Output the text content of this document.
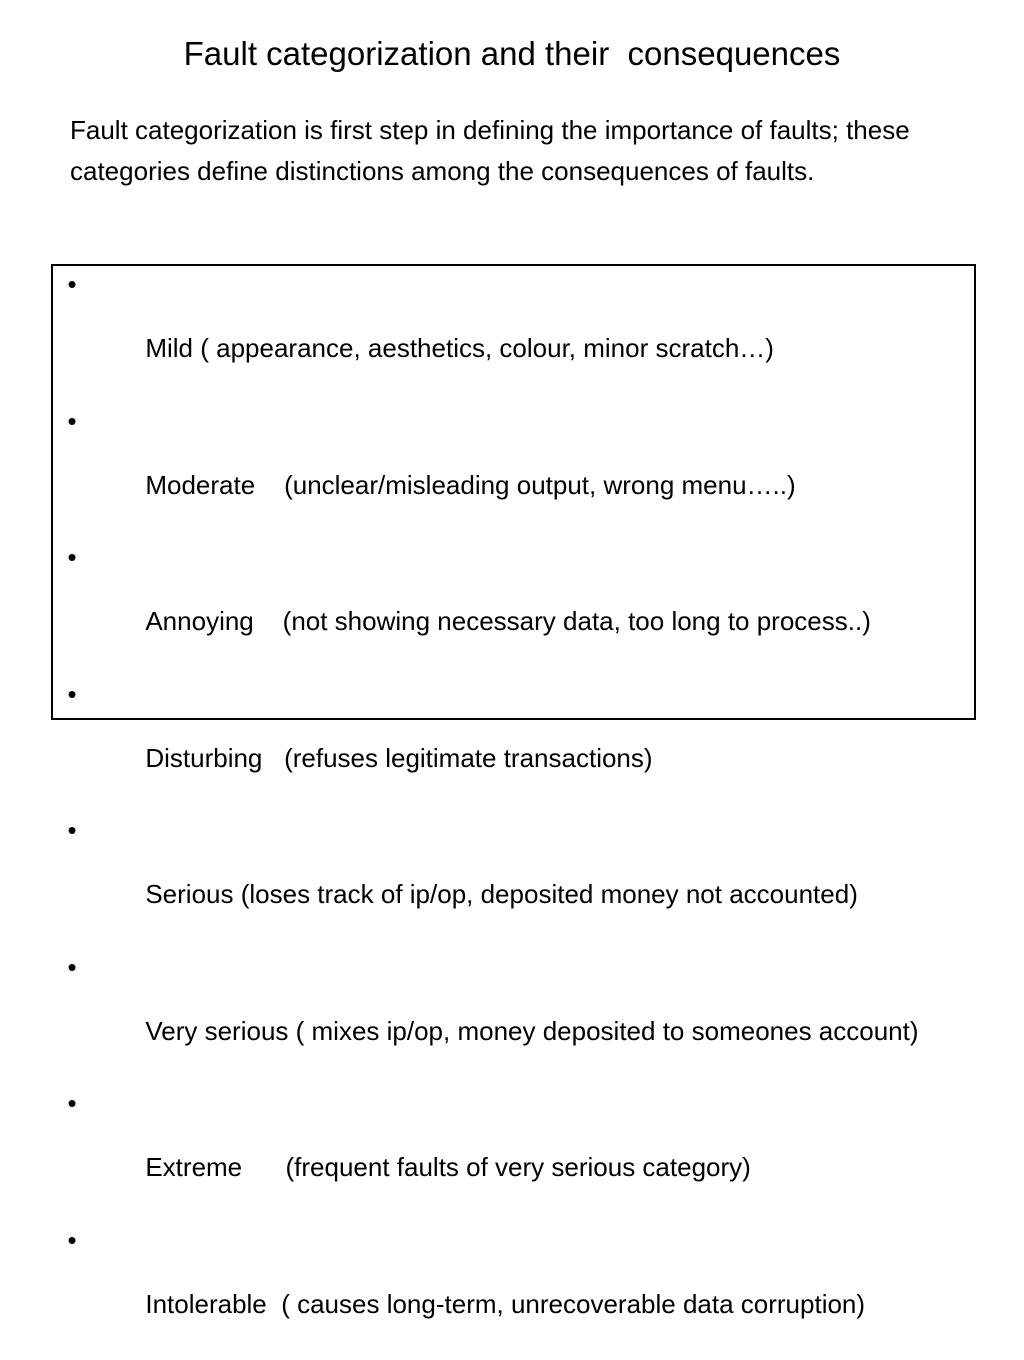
Fault categorization and their  consequences
Fault categorization is first step in defining the importance of faults; these categories define distinctions among the consequences of faults.

•

Mild ( appearance, aesthetics, colour, minor scratch…)

•

Moderate    (unclear/misleading output, wrong menu…..)

•

Annoying    (not showing necessary data, too long to process..)

•

Disturbing   (refuses legitimate transactions)

•

Serious (loses track of ip/op, deposited money not accounted)

•

Very serious ( mixes ip/op, money deposited to someones account)

•

Extreme      (frequent faults of very serious category)

•

Intolerable  ( causes long-term, unrecoverable data corruption)
